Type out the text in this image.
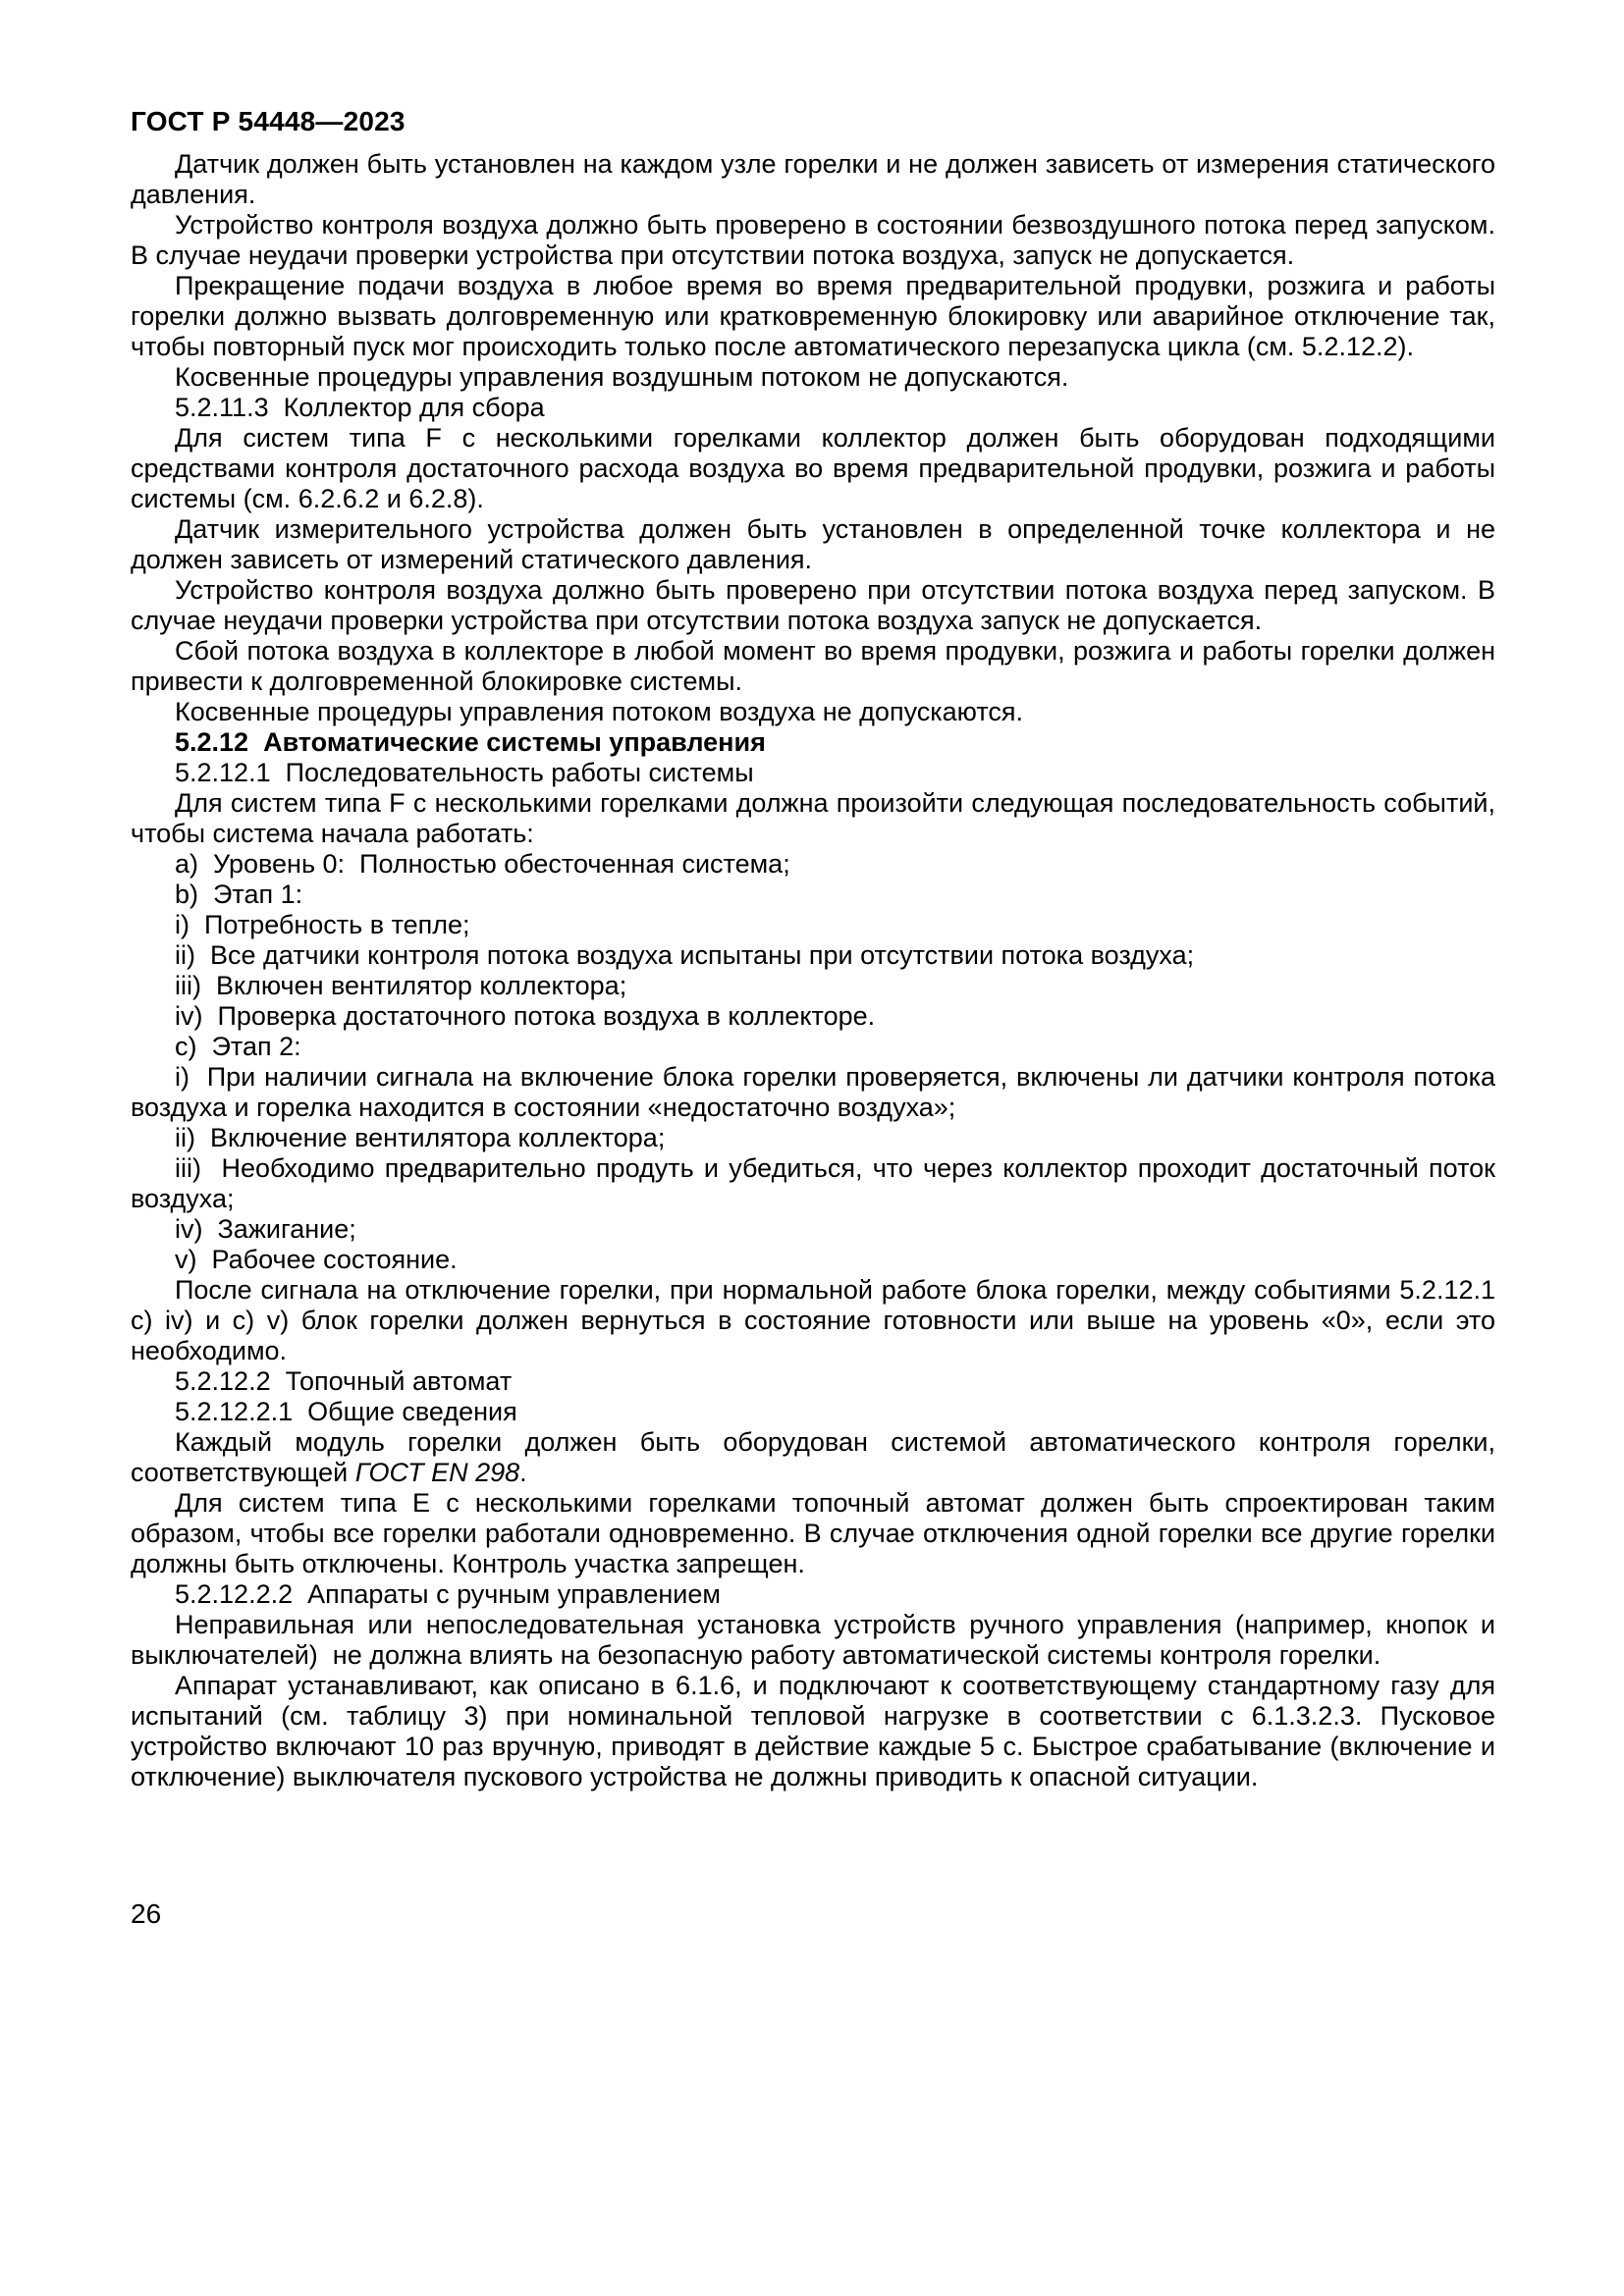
ГОСТ Р 54448—2023

Датчик должен быть установлен на каждом узле горелки и не должен зависеть от измерения статического давления.

Устройство контроля воздуха должно быть проверено в состоянии безвоздушного потока перед запуском. В случае неудачи проверки устройства при отсутствии потока воздуха, запуск не допускается.

Прекращение подачи воздуха в любое время во время предварительной продувки, розжига и работы горелки должно вызвать долговременную или кратковременную блокировку или аварийное отключение так, чтобы повторный пуск мог происходить только после автоматического перезапуска цикла (см. 5.2.12.2).

Косвенные процедуры управления воздушным потоком не допускаются.

5.2.11.3  Коллектор для сбора

Для систем типа F с несколькими горелками коллектор должен быть оборудован подходящими средствами контроля достаточного расхода воздуха во время предварительной продувки, розжига и работы системы (см. 6.2.6.2 и 6.2.8).

Датчик измерительного устройства должен быть установлен в определенной точке коллектора и не должен зависеть от измерений статического давления.

Устройство контроля воздуха должно быть проверено при отсутствии потока воздуха перед запуском. В случае неудачи проверки устройства при отсутствии потока воздуха запуск не допускается.

Сбой потока воздуха в коллекторе в любой момент во время продувки, розжига и работы горелки должен привести к долговременной блокировке системы.

Косвенные процедуры управления потоком воздуха не допускаются.

5.2.12  Автоматические системы управления

5.2.12.1  Последовательность работы системы

Для систем типа F с несколькими горелками должна произойти следующая последовательность событий, чтобы система начала работать:

a)  Уровень 0:  Полностью обесточенная система;

b)  Этап 1:

i)  Потребность в тепле;

ii)  Все датчики контроля потока воздуха испытаны при отсутствии потока воздуха;

iii)  Включен вентилятор коллектора;

iv)  Проверка достаточного потока воздуха в коллекторе.

c)  Этап 2:

i)  При наличии сигнала на включение блока горелки проверяется, включены ли датчики контроля потока воздуха и горелка находится в состоянии «недостаточно воздуха»;

ii)  Включение вентилятора коллектора;

iii)  Необходимо предварительно продуть и убедиться, что через коллектор проходит достаточный поток воздуха;

iv)  Зажигание;

v)  Рабочее состояние.

После сигнала на отключение горелки, при нормальной работе блока горелки, между событиями 5.2.12.1 c) iv) и c) v) блок горелки должен вернуться в состояние готовности или выше на уровень «0», если это необходимо.

5.2.12.2  Топочный автомат

5.2.12.2.1  Общие сведения

Каждый модуль горелки должен быть оборудован системой автоматического контроля горелки, соответствующей ГОСТ EN 298.

Для систем типа E с несколькими горелками топочный автомат должен быть спроектирован таким образом, чтобы все горелки работали одновременно. В случае отключения одной горелки все другие горелки должны быть отключены. Контроль участка запрещен.

5.2.12.2.2  Аппараты с ручным управлением

Неправильная или непоследовательная установка устройств ручного управления (например, кнопок и выключателей)  не должна влиять на безопасную работу автоматической системы контроля горелки.

Аппарат устанавливают, как описано в 6.1.6, и подключают к соответствующему стандартному газу для испытаний (см. таблицу 3) при номинальной тепловой нагрузке в соответствии с 6.1.3.2.3. Пусковое устройство включают 10 раз вручную, приводят в действие каждые 5 с. Быстрое срабатывание (включение и отключение) выключателя пускового устройства не должны приводить к опасной ситуации.

26
